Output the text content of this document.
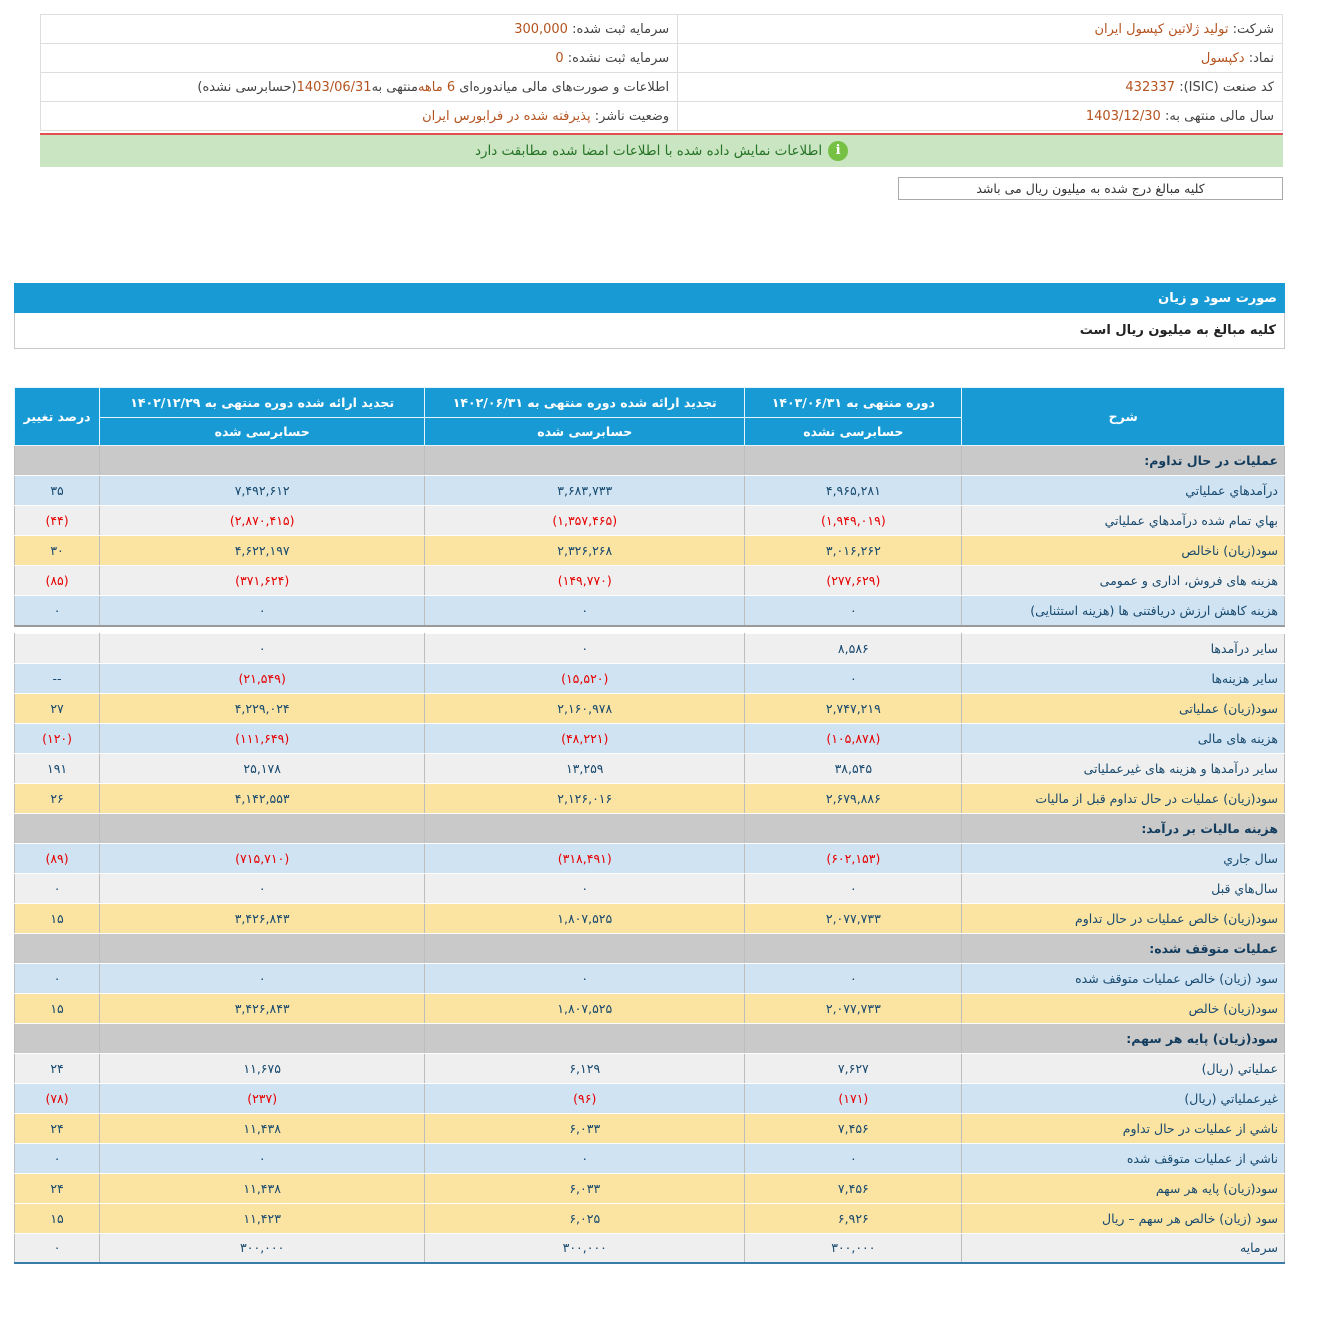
شرکت: تولید ژلاتین کپسول ایران	سرمایه ثبت شده: 300,000
نماد: دکپسول	سرمایه ثبت نشده: 0
کد صنعت (ISIC): 432337	اطلاعات و صورت‌های مالی میاندوره‌ای 6 ماهه‌منتهی به1403/06/31(حسابرسی نشده)
سال مالی منتهی به: 1403/12/30	وضعیت ناشر: پذیرفته شده در فرابورس ایران
i
اطلاعات نمایش داده شده با اطلاعات امضا شده مطابقت دارد
کلیه مبالغ درج شده به میلیون ریال می باشد
صورت سود و زیان
کلیه مبالغ به میلیون ریال است
شرح	دوره منتهی به ۱۴۰۳/۰۶/۳۱	تجدید ارائه شده دوره منتهی به ۱۴۰۲/۰۶/۳۱	تجدید ارائه شده دوره منتهی به ۱۴۰۲/۱۲/۲۹	درصد تغییر
	حسابرسی نشده	حسابرسی شده	حسابرسی شده	
عملیات در حال تداوم:				
درآمدهاي عملياتي	۴,۹۶۵,۲۸۱	۳,۶۸۳,۷۳۳	۷,۴۹۲,۶۱۲	۳۵
بهاي تمام شده درآمدهاي عملياتي	(۱,۹۴۹,۰۱۹)	(۱,۳۵۷,۴۶۵)	(۲,۸۷۰,۴۱۵)	(۴۴)
سود(زيان) ناخالص	۳,۰۱۶,۲۶۲	۲,۳۲۶,۲۶۸	۴,۶۲۲,۱۹۷	۳۰
هزینه های فروش، اداری و عمومی	(۲۷۷,۶۲۹)	(۱۴۹,۷۷۰)	(۳۷۱,۶۲۴)	(۸۵)
هزینه کاهش ارزش دریافتنی ها (هزینه استثنایی)	۰	۰	۰	۰
سایر درآمدها	۸,۵۸۶	۰	۰	
سایر هزینه‌ها	۰	(۱۵,۵۲۰)	(۲۱,۵۴۹)	--
سود(زيان) عملیاتی	۲,۷۴۷,۲۱۹	۲,۱۶۰,۹۷۸	۴,۲۲۹,۰۲۴	۲۷
هزینه های مالی	(۱۰۵,۸۷۸)	(۴۸,۲۲۱)	(۱۱۱,۶۴۹)	(۱۲۰)
سایر درآمدها و هزینه های غیرعملیاتی	۳۸,۵۴۵	۱۳,۲۵۹	۲۵,۱۷۸	۱۹۱
سود(زيان) عملیات در حال تداوم قبل از مالیات	۲,۶۷۹,۸۸۶	۲,۱۲۶,۰۱۶	۴,۱۴۲,۵۵۳	۲۶
هزینه مالیات بر درآمد:				
سال جاري	(۶۰۲,۱۵۳)	(۳۱۸,۴۹۱)	(۷۱۵,۷۱۰)	(۸۹)
سال‌هاي قبل	۰	۰	۰	۰
سود(زيان) خالص عملیات در حال تداوم	۲,۰۷۷,۷۳۳	۱,۸۰۷,۵۲۵	۳,۴۲۶,۸۴۳	۱۵
عملیات متوقف شده:				
سود (زيان) خالص عملیات متوقف شده	۰	۰	۰	۰
سود(زيان) خالص	۲,۰۷۷,۷۳۳	۱,۸۰۷,۵۲۵	۳,۴۲۶,۸۴۳	۱۵
سود(زيان) پایه هر سهم:				
عملياتي (ريال)	۷,۶۲۷	۶,۱۲۹	۱۱,۶۷۵	۲۴
غيرعملياتي (ريال)	(۱۷۱)	(۹۶)	(۲۳۷)	(۷۸)
ناشي از عملیات در حال تداوم	۷,۴۵۶	۶,۰۳۳	۱۱,۴۳۸	۲۴
ناشي از عملیات متوقف شده	۰	۰	۰	۰
سود(زيان) پایه هر سهم	۷,۴۵۶	۶,۰۳۳	۱۱,۴۳۸	۲۴
سود (زيان) خالص هر سهم – ريال	۶,۹۲۶	۶,۰۲۵	۱۱,۴۲۳	۱۵
سرمایه	۳۰۰,۰۰۰	۳۰۰,۰۰۰	۳۰۰,۰۰۰	۰
